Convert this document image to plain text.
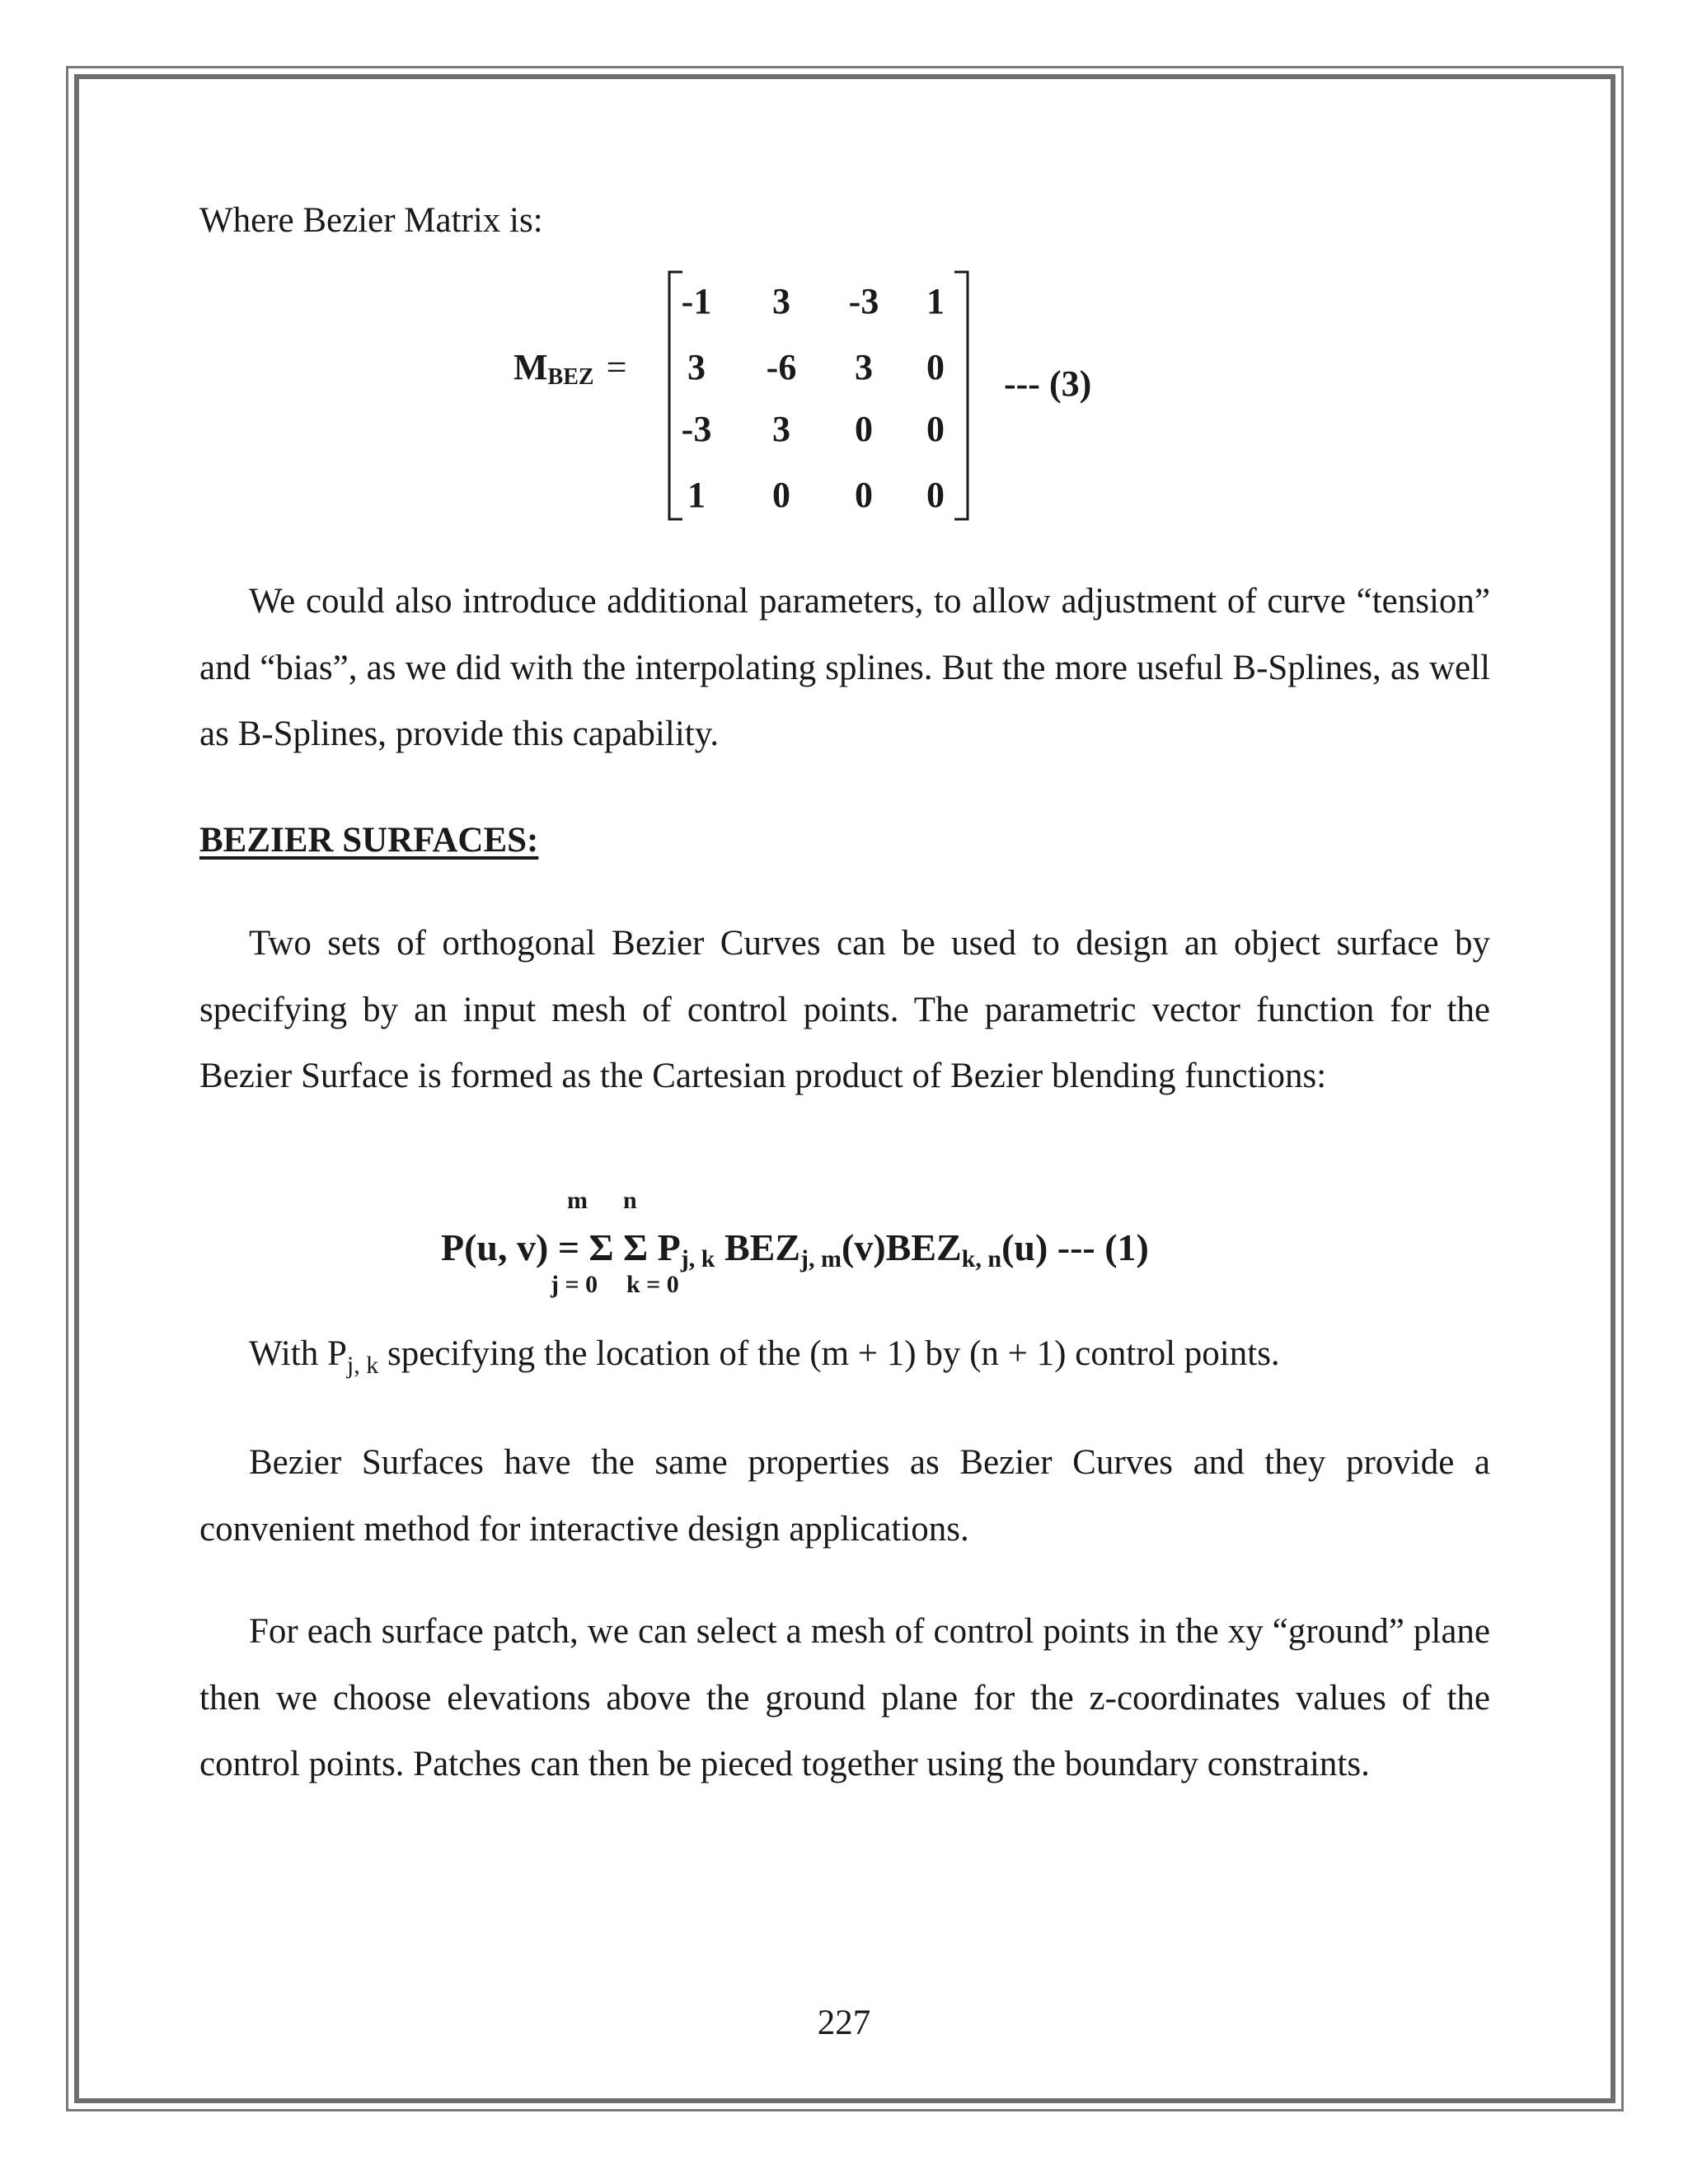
Where Bezier Matrix is:
$M_{BEZ}$ =
-1	3	-3	1
3	-6	3	0
-3	3	0	0
1	0	0	0
--- (3)

We could also introduce additional parameters, to allow adjustment of curve “tension” and “bias”, as we did with the interpolating splines. But the more useful B-Splines, as well as B-Splines, provide this capability.

BEZIER SURFACES:

Two sets of orthogonal Bezier Curves can be used to design an object surface by specifying by an input mesh of control points. The parametric vector function for the Bezier Surface is formed as the Cartesian product of Bezier blending functions:

m n
P(u, v) = Σ Σ $P_{j, k}$ $BEZ_{j, m}(v)BEZ_{k, n}(u)$ --- (1)
j = 0 k = 0

With $P_{j, k}$ specifying the location of the (m + 1) by (n + 1) control points.

Bezier Surfaces have the same properties as Bezier Curves and they provide a convenient method for interactive design applications.

For each surface patch, we can select a mesh of control points in the xy “ground” plane then we choose elevations above the ground plane for the z-coordinates values of the control points. Patches can then be pieced together using the boundary constraints.

227
